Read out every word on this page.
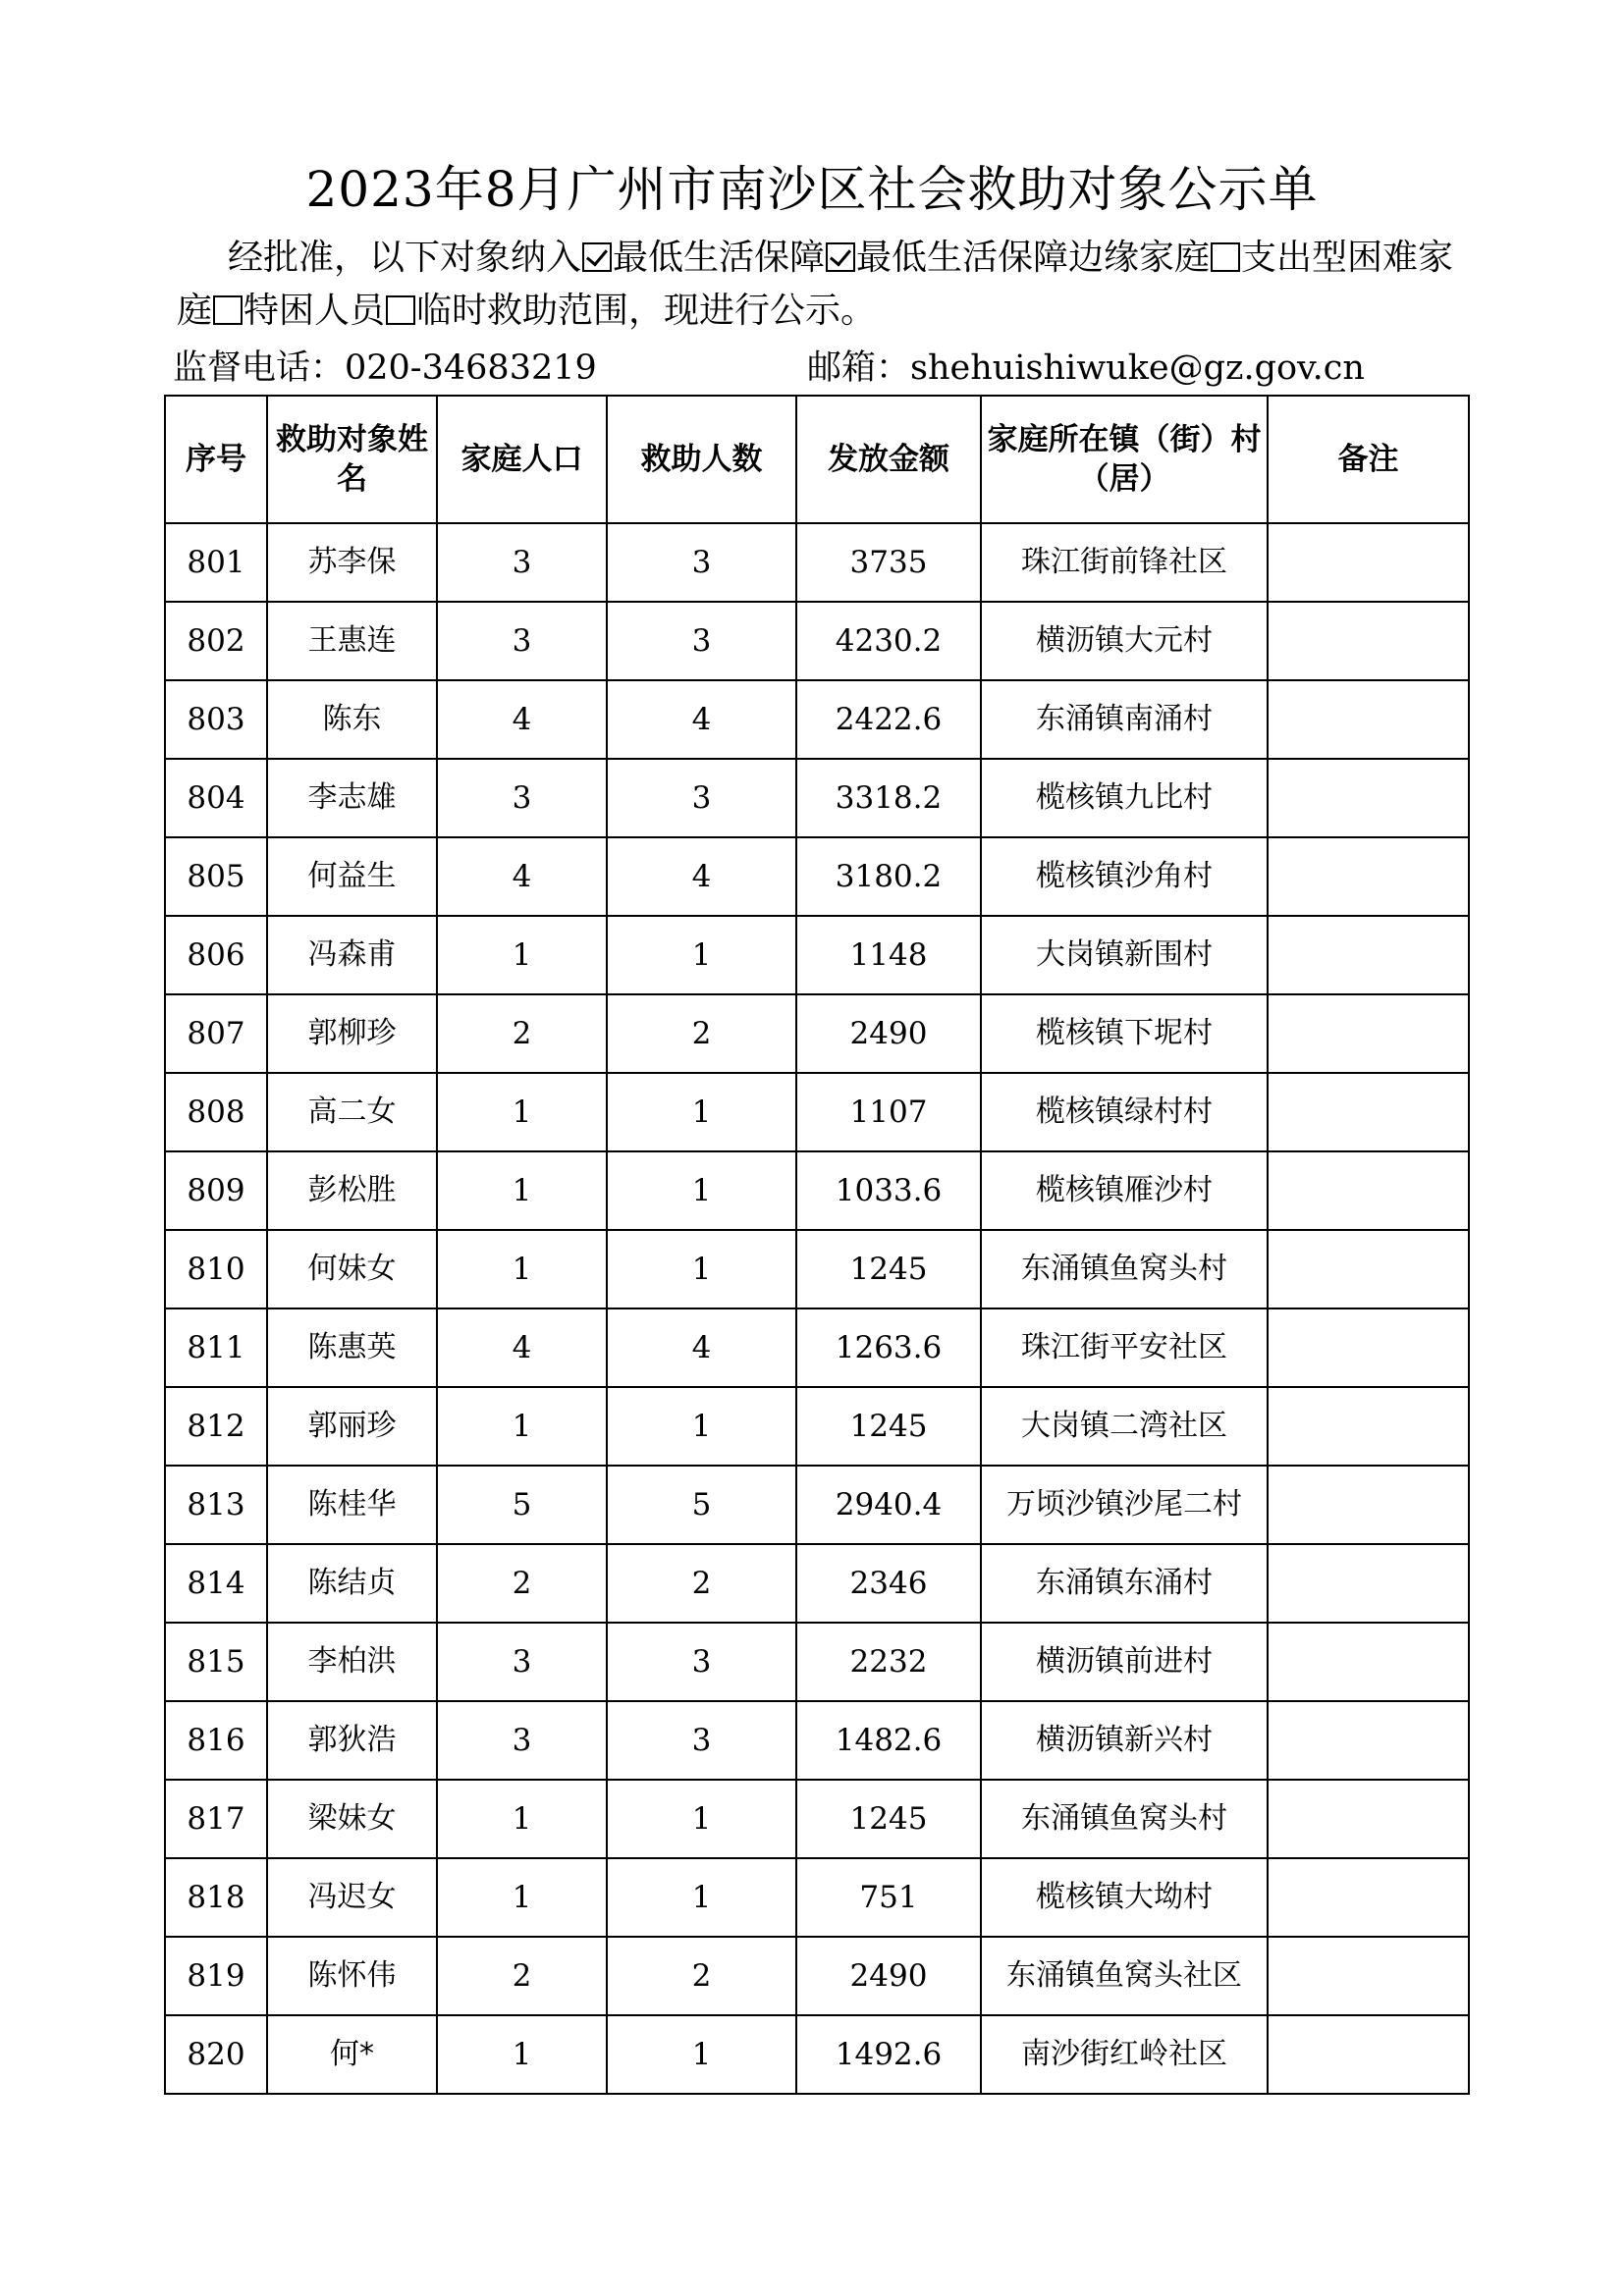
2023年8月广州市南沙区社会救助对象公示单
经批准，以下对象纳入 最低生活保障 最低生活保障边缘家庭 支出型困难家庭 特困人员 临时救助范围，现进行公示。
监督电话：020-34683219	邮箱：shehuishiwuke@gz.gov.cn
序号	救助对象姓名	家庭人口	救助人数	发放金额	家庭所在镇（街）村（居）	备注
801	苏李保	3	3	3735	珠江街前锋社区	
802	王惠连	3	3	4230.2	横沥镇大元村	
803	陈东	4	4	2422.6	东涌镇南涌村	
804	李志雄	3	3	3318.2	榄核镇九比村	
805	何益生	4	4	3180.2	榄核镇沙角村	
806	冯森甫	1	1	1148	大岗镇新围村	
807	郭柳珍	2	2	2490	榄核镇下坭村	
808	高二女	1	1	1107	榄核镇绿村村	
809	彭松胜	1	1	1033.6	榄核镇雁沙村	
810	何妹女	1	1	1245	东涌镇鱼窝头村	
811	陈惠英	4	4	1263.6	珠江街平安社区	
812	郭丽珍	1	1	1245	大岗镇二湾社区	
813	陈桂华	5	5	2940.4	万顷沙镇沙尾二村	
814	陈结贞	2	2	2346	东涌镇东涌村	
815	李柏洪	3	3	2232	横沥镇前进村	
816	郭狄浩	3	3	1482.6	横沥镇新兴村	
817	梁妹女	1	1	1245	东涌镇鱼窝头村	
818	冯迟女	1	1	751	榄核镇大坳村	
819	陈怀伟	2	2	2490	东涌镇鱼窝头社区	
820	何*	1	1	1492.6	南沙街红岭社区	
